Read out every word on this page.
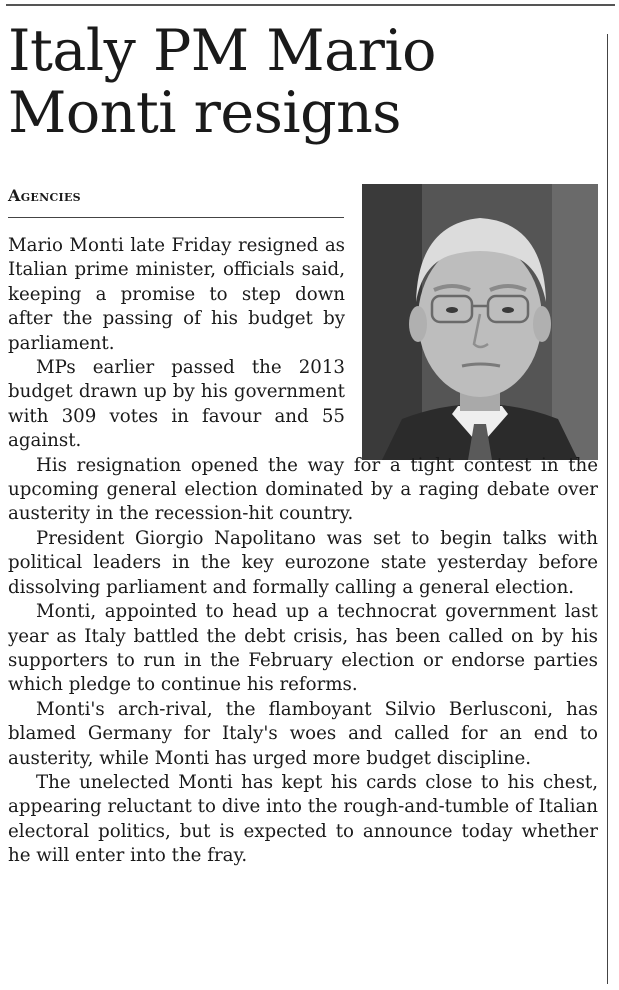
Italy PM Mario Monti resigns
Agencies

Mario Monti late Friday resigned as Italian prime minister, officials said, keeping a promise to step down after the passing of his budget by parliament.

MPs earlier passed the 2013 budget drawn up by his government with 309 votes in favour and 55 against.

His resignation opened the way for a tight contest in the upcoming general election dominated by a raging debate over austerity in the recession-hit country.

President Giorgio Napolitano was set to begin talks with political leaders in the key eurozone state yesterday before dissolving parliament and formally calling a general election.

Monti, appointed to head up a technocrat government last year as Italy battled the debt crisis, has been called on by his supporters to run in the February election or endorse parties which pledge to continue his reforms.

Monti's arch-rival, the flamboyant Silvio Berlusconi, has blamed Germany for Italy's woes and called for an end to austerity, while Monti has urged more budget discipline.

The unelected Monti has kept his cards close to his chest, appearing reluctant to dive into the rough-and-tumble of Italian electoral politics, but is expected to announce today whether he will enter into the fray.
